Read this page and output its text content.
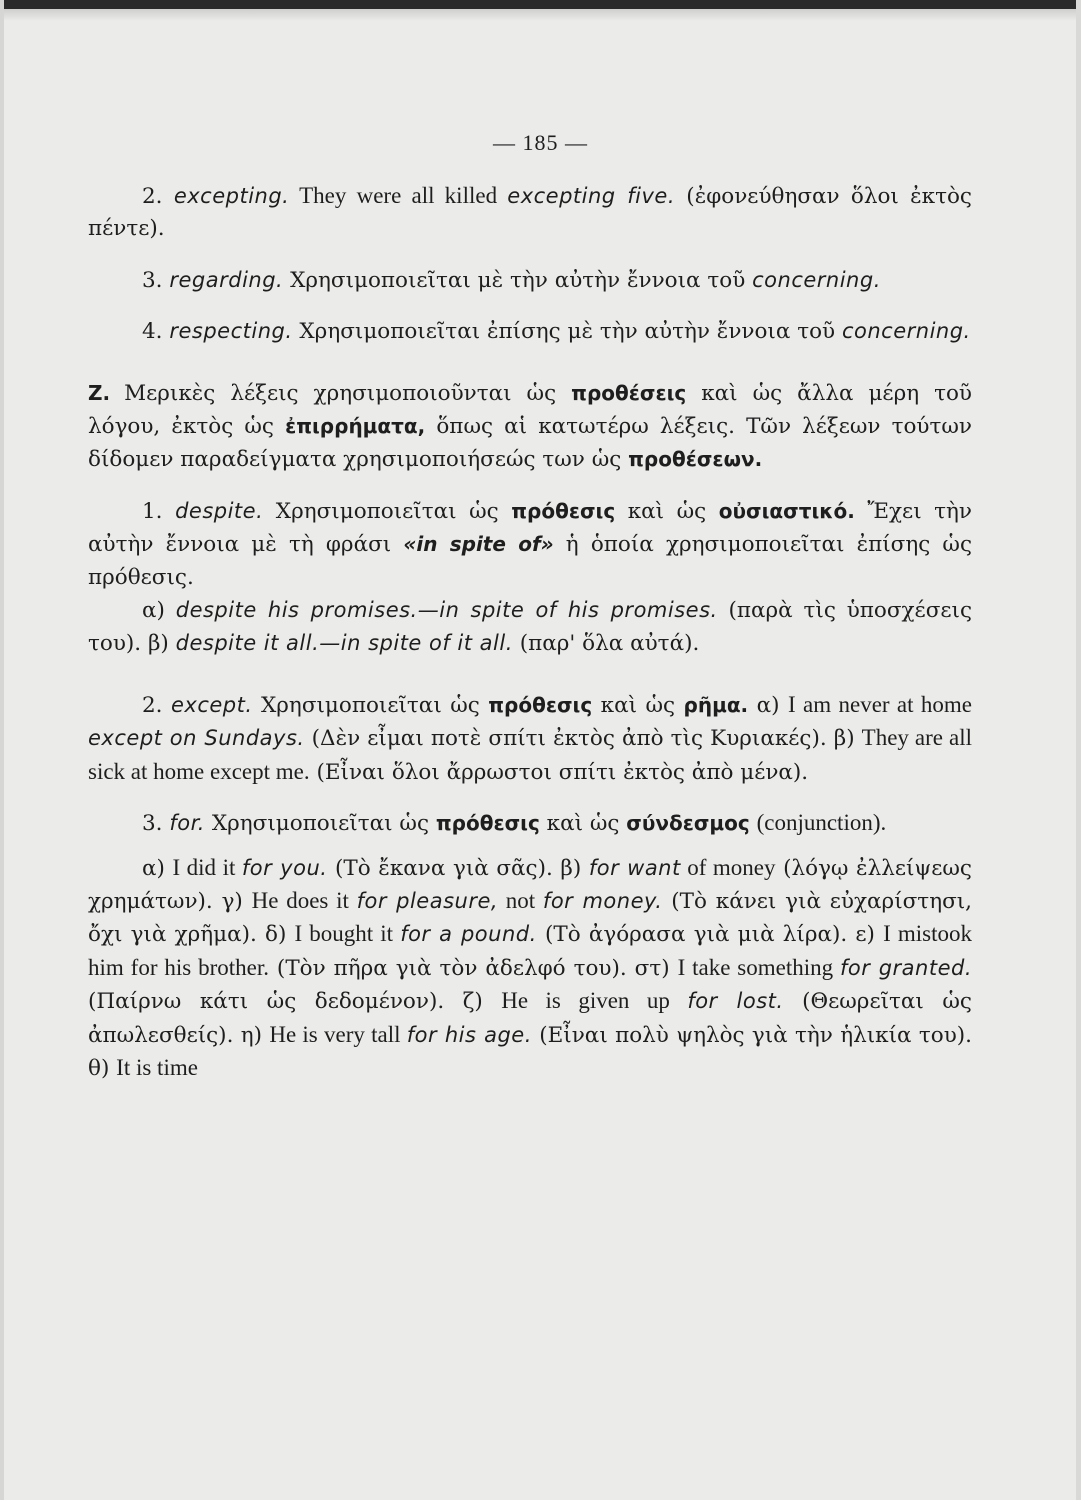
— 185 —

2. excepting. They were all killed excepting five. (ἐφονεύθησαν ὅλοι ἐκτὸς πέντε).

3. regarding. Χρησιμοποιεῖται μὲ τὴν αὐτὴν ἔννοια τοῦ concerning.

4. respecting. Χρησιμοποιεῖται ἐπίσης μὲ τὴν αὐτὴν ἔννοια τοῦ concerning.

Z. Μερικὲς λέξεις χρησιμοποιοῦνται ὡς προθέσεις καὶ ὡς ἄλλα μέρη τοῦ λόγου, ἐκτὸς ὡς ἐπιρρήματα, ὅπως αἱ κατωτέρω λέξεις. Τῶν λέξεων τούτων δίδομεν παραδείγματα χρησιμοποιήσεώς των ὡς προθέσεων.

1. despite. Χρησιμοποιεῖται ὡς πρόθεσις καὶ ὡς οὐσιαστικό. Ἔχει τὴν αὐτὴν ἔννοια μὲ τὴ φράσι «in spite of» ἡ ὁποία χρησιμοποιεῖται ἐπίσης ὡς πρόθεσις.

α) despite his promises.—in spite of his promises. (παρὰ τὶς ὑποσχέσεις του). β) despite it all.—in spite of it all. (παρ' ὅλα αὐτά).

2. except. Χρησιμοποιεῖται ὡς πρόθεσις καὶ ὡς ρῆμα. α) I am never at home except on Sundays. (Δὲν εἶμαι ποτὲ σπίτι ἐκτὸς ἀπὸ τὶς Κυριακές). β) They are all sick at home except me. (Εἶναι ὅλοι ἄρρωστοι σπίτι ἐκτὸς ἀπὸ μένα).

3. for. Χρησιμοποιεῖται ὡς πρόθεσις καὶ ὡς σύνδεσμος (conjunction).

α) I did it for you. (Τὸ ἔκανα γιὰ σᾶς). β) for want of money (λόγῳ ἐλλείψεως χρημάτων). γ) He does it for pleasure, not for money. (Τὸ κάνει γιὰ εὐχαρίστησι, ὄχι γιὰ χρῆμα). δ) I bought it for a pound. (Τὸ ἀγόρασα γιὰ μιὰ λίρα). ε) I mistook him for his brother. (Τὸν πῆρα γιὰ τὸν ἀδελφό του). στ) I take something for granted. (Παίρνω κάτι ὡς δεδομένον). ζ) He is given up for lost. (Θεωρεῖται ὡς ἀπωλεσθείς). η) He is very tall for his age. (Εἶναι πολὺ ψηλὸς γιὰ τὴν ἡλικία του). θ) It is time
